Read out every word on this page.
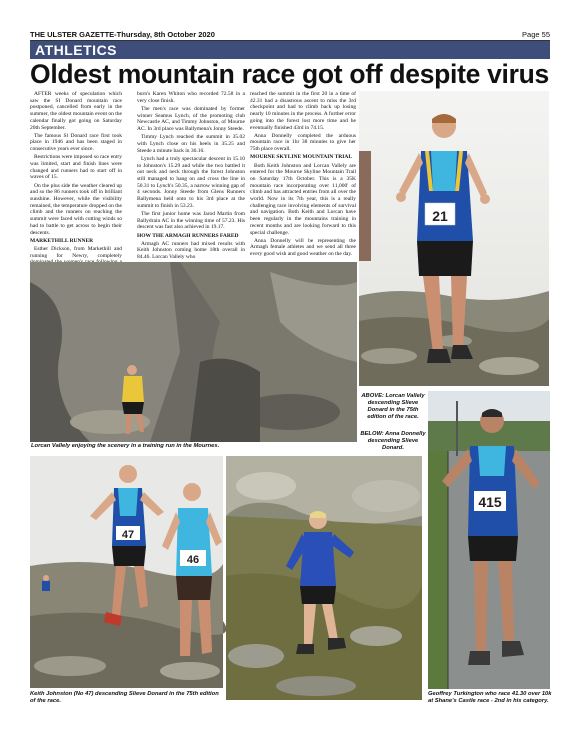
THE ULSTER GAZETTE-Thursday, 8th October 2020	Page 55
ATHLETICS
Oldest mountain race got off despite virus

AFTER weeks of speculation which saw the SI Donard mountain race postponed, cancelled from early in the summer, the oldest mountain event on the calendar finally got going on Saturday 20th September.

The famous Sl Donard race first took place in 1946 and has been staged in consecutive years ever since.

Restrictions were imposed so race entry was limited, start and finish lines were changed and runners had to start off in waves of 15.

On the plus side the weather cleared up and so the 86 runners took off in brilliant sunshine. However, while the visibility remained, the temperature dropped on the climb and the runners on reaching the summit were faced with cutting winds so had to battle to get across to begin their descents.

MARKETHILL RUNNER

Esther Dickson, from Markethill and running for Newry, completely

burn's Karen Whiton who recorded 72.58 in a very close finish.

The men's race was dominated by former winner Seamus Lynch, of the promoting club Newcastle AC, and Timmy Johnston, of Mourne AC. In 3rd place was Ballymena's Jonny Steede.

Timmy Lynch reached the summit in 35.02 with Lynch close on his heels in 35.25 and Steede a minute back in 36.16.

Lynch had a truly spectacular descent in 15.10 to Johnston's 15.29 and while the two battled it out neck and neck through the forest Johnston still managed to hang on and cross the line in 50.31 to Lynch's 50.35, a narrow winning gap of 4 seconds. Jonny Steede from Glens Runners Ballymena held onto to his 3rd place at the summit to finish in 53.23.

The first junior home was Jarod Martin from Ballydrain AC in the winning time of 57.23. His descent was fast also achieved in 19.17.

HOW THE ARMAGH RUNNERS FARED

Armagh AC runners had mixed results with Keith Johnston coming home 18th overall in 84.46. Lorcan Vallely who

reached the summit in the first 20 in a time of 42.31 had a disastrous ascent to miss the 3rd checkpoint and had to climb back up losing nearly 10 minutes in the process. A further error going into the forest lost more time and he eventually finished 43rd in 74.15.

Anna Donnelly completed the arduous mountain race in 1hr 38 minutes to give her 75th place overall.

MOURNE SKYLINE MOUNTAIN TRIAL

Both Keith Johnston and Lorcan Vallely are entered for the Mourne Skyline Mountain Trail on Saturday 17th October. This is a 35K mountain race incorporating over 11,000' of climb and has attracted entries from all over the world. Now in its 7th year, this is a really challenging race involving elements of survival and navigation. Both Keith and Lorcan have been regularly in the mountains training in recent months and are looking forward to this special challenge.

Anna Donnelly will be representing the Armagh female athletes and we send all three every good wish and good weather on the day.

21
Lorcan Vallely enjoying the scenery in a training run in the Mournes.
ABOVE: Lorcan Vallely descending Slieve Donard in the 75th edition of the race.
BELOW: Anna Donnelly descending Slieve Donard.
415
Geoffrey Turkington who race 41.30 over 10k at Shane's Castle race - 2nd in his category.
47
46
Keith Johnston (No 47) descending Slieve Donard in the 75th edition of the race.
